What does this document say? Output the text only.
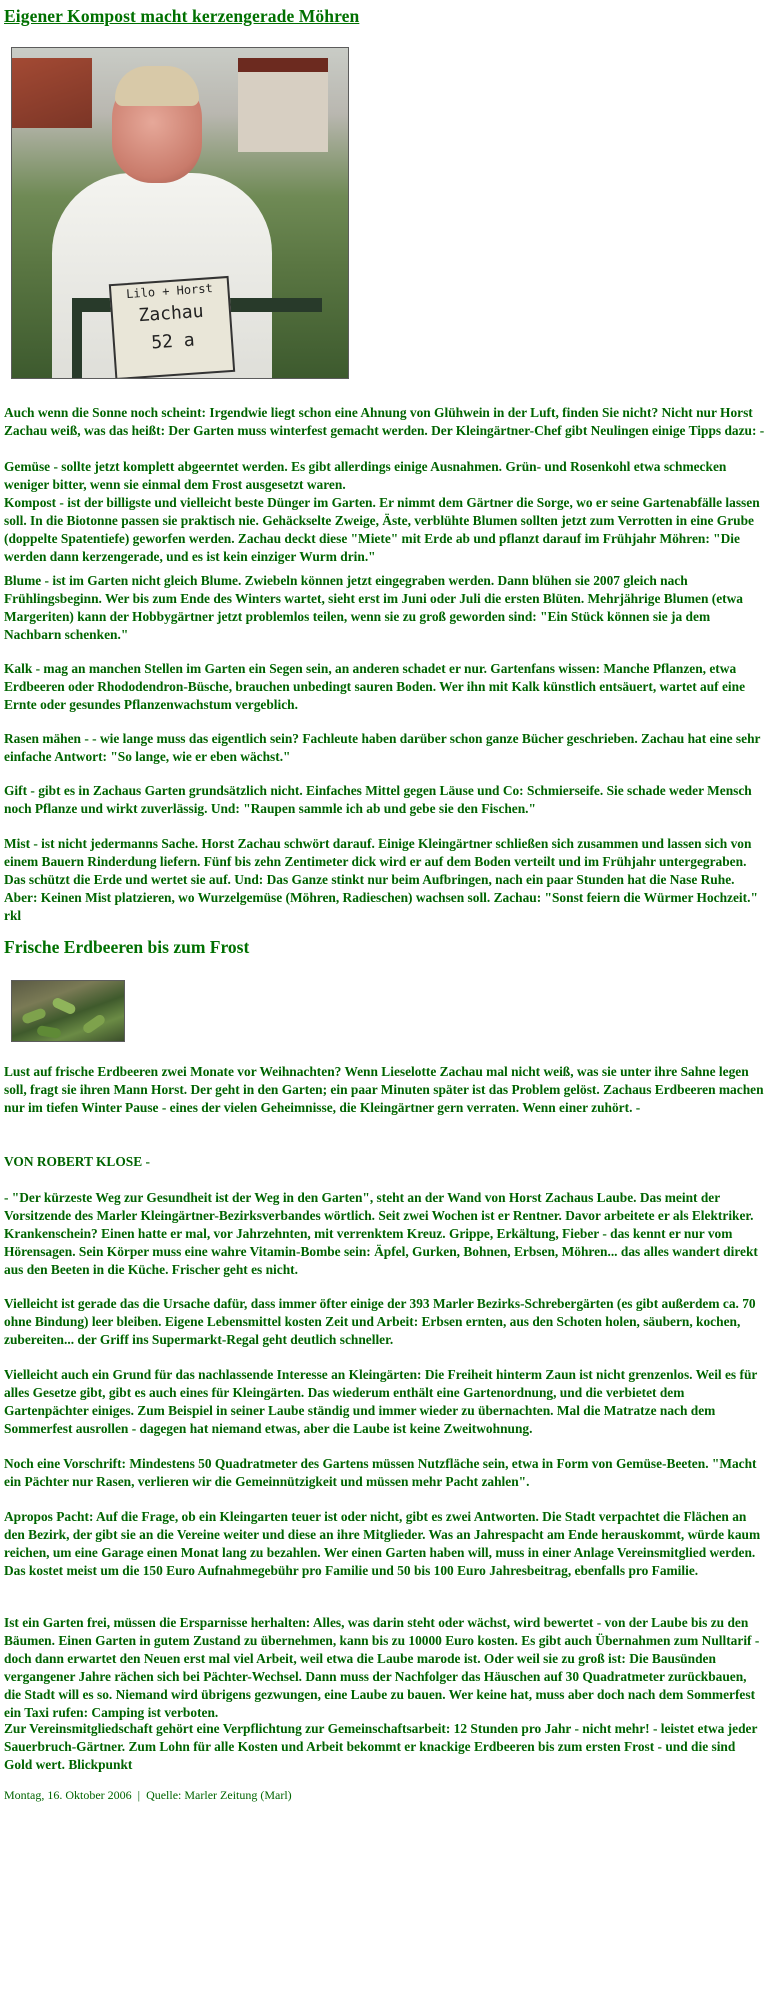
Eigener Kompost macht kerzengerade Möhren
Lilo + Horst
Zachau
52 a
Auch wenn die Sonne noch scheint: Irgendwie liegt schon eine Ahnung von Glühwein in der Luft, finden Sie nicht? Nicht nur Horst Zachau weiß, was das heißt: Der Garten muss winterfest gemacht werden. Der Kleingärtner-Chef gibt Neulingen einige Tipps dazu: -
Gemüse - sollte jetzt komplett abgeerntet werden. Es gibt allerdings einige Ausnahmen. Grün- und Rosenkohl etwa schmecken weniger bitter, wenn sie einmal dem Frost ausgesetzt waren.
Kompost - ist der billigste und vielleicht beste Dünger im Garten. Er nimmt dem Gärtner die Sorge, wo er seine Gartenabfälle lassen soll. In die Biotonne passen sie praktisch nie. Gehäckselte Zweige, Äste, verblühte Blumen sollten jetzt zum Verrotten in eine Grube (doppelte Spatentiefe) geworfen werden. Zachau deckt diese "Miete" mit Erde ab und pflanzt darauf im Frühjahr Möhren: "Die werden dann kerzengerade, und es ist kein einziger Wurm drin."
Blume - ist im Garten nicht gleich Blume. Zwiebeln können jetzt eingegraben werden. Dann blühen sie 2007 gleich nach Frühlingsbeginn. Wer bis zum Ende des Winters wartet, sieht erst im Juni oder Juli die ersten Blüten. Mehrjährige Blumen (etwa Margeriten) kann der Hobbygärtner jetzt problemlos teilen, wenn sie zu groß geworden sind: "Ein Stück können sie ja dem Nachbarn schenken."
Kalk - mag an manchen Stellen im Garten ein Segen sein, an anderen schadet er nur. Gartenfans wissen: Manche Pflanzen, etwa Erdbeeren oder Rhododendron-Büsche, brauchen unbedingt sauren Boden. Wer ihn mit Kalk künstlich entsäuert, wartet auf eine Ernte oder gesundes Pflanzenwachstum vergeblich.
Rasen mähen - - wie lange muss das eigentlich sein? Fachleute haben darüber schon ganze Bücher geschrieben. Zachau hat eine sehr einfache Antwort: "So lange, wie er eben wächst."
Gift - gibt es in Zachaus Garten grundsätzlich nicht. Einfaches Mittel gegen Läuse und Co: Schmierseife. Sie schade weder Mensch noch Pflanze und wirkt zuverlässig. Und: "Raupen sammle ich ab und gebe sie den Fischen."
Mist - ist nicht jedermanns Sache. Horst Zachau schwört darauf. Einige Kleingärtner schließen sich zusammen und lassen sich von einem Bauern Rinderdung liefern. Fünf bis zehn Zentimeter dick wird er auf dem Boden verteilt und im Frühjahr untergegraben. Das schützt die Erde und wertet sie auf. Und: Das Ganze stinkt nur beim Aufbringen, nach ein paar Stunden hat die Nase Ruhe. Aber: Keinen Mist platzieren, wo Wurzelgemüse (Möhren, Radieschen) wachsen soll. Zachau: "Sonst feiern die Würmer Hochzeit." rkl
Frische Erdbeeren bis zum Frost
Lust auf frische Erdbeeren zwei Monate vor Weihnachten? Wenn Lieselotte Zachau mal nicht weiß, was sie unter ihre Sahne legen soll, fragt sie ihren Mann Horst. Der geht in den Garten; ein paar Minuten später ist das Problem gelöst. Zachaus Erdbeeren machen nur im tiefen Winter Pause - eines der vielen Geheimnisse, die Kleingärtner gern verraten. Wenn einer zuhört. -
VON ROBERT KLOSE -
- "Der kürzeste Weg zur Gesundheit ist der Weg in den Garten", steht an der Wand von Horst Zachaus Laube. Das meint der Vorsitzende des Marler Kleingärtner-Bezirksverbandes wörtlich. Seit zwei Wochen ist er Rentner. Davor arbeitete er als Elektriker. Krankenschein? Einen hatte er mal, vor Jahrzehnten, mit verrenktem Kreuz. Grippe, Erkältung, Fieber - das kennt er nur vom Hörensagen. Sein Körper muss eine wahre Vitamin-Bombe sein: Äpfel, Gurken, Bohnen, Erbsen, Möhren... das alles wandert direkt aus den Beeten in die Küche. Frischer geht es nicht.
Vielleicht ist gerade das die Ursache dafür, dass immer öfter einige der 393 Marler Bezirks-Schrebergärten (es gibt außerdem ca. 70 ohne Bindung) leer bleiben. Eigene Lebensmittel kosten Zeit und Arbeit: Erbsen ernten, aus den Schoten holen, säubern, kochen, zubereiten... der Griff ins Supermarkt-Regal geht deutlich schneller.
Vielleicht auch ein Grund für das nachlassende Interesse an Kleingärten: Die Freiheit hinterm Zaun ist nicht grenzenlos. Weil es für alles Gesetze gibt, gibt es auch eines für Kleingärten. Das wiederum enthält eine Gartenordnung, und die verbietet dem Gartenpächter einiges. Zum Beispiel in seiner Laube ständig und immer wieder zu übernachten. Mal die Matratze nach dem Sommerfest ausrollen - dagegen hat niemand etwas, aber die Laube ist keine Zweitwohnung.
Noch eine Vorschrift: Mindestens 50 Quadratmeter des Gartens müssen Nutzfläche sein, etwa in Form von Gemüse-Beeten. "Macht ein Pächter nur Rasen, verlieren wir die Gemeinnützigkeit und müssen mehr Pacht zahlen".
Apropos Pacht: Auf die Frage, ob ein Kleingarten teuer ist oder nicht, gibt es zwei Antworten. Die Stadt verpachtet die Flächen an den Bezirk, der gibt sie an die Vereine weiter und diese an ihre Mitglieder. Was an Jahrespacht am Ende herauskommt, würde kaum reichen, um eine Garage einen Monat lang zu bezahlen. Wer einen Garten haben will, muss in einer Anlage Vereinsmitglied werden. Das kostet meist um die 150 Euro Aufnahmegebühr pro Familie und 50 bis 100 Euro Jahresbeitrag, ebenfalls pro Familie.
Ist ein Garten frei, müssen die Ersparnisse herhalten: Alles, was darin steht oder wächst, wird bewertet - von der Laube bis zu den Bäumen. Einen Garten in gutem Zustand zu übernehmen, kann bis zu 10000 Euro kosten. Es gibt auch Übernahmen zum Nulltarif - doch dann erwartet den Neuen erst mal viel Arbeit, weil etwa die Laube marode ist. Oder weil sie zu groß ist: Die Bausünden vergangener Jahre rächen sich bei Pächter-Wechsel. Dann muss der Nachfolger das Häuschen auf 30 Quadratmeter zurückbauen, die Stadt will es so. Niemand wird übrigens gezwungen, eine Laube zu bauen. Wer keine hat, muss aber doch nach dem Sommerfest ein Taxi rufen: Camping ist verboten.
Zur Vereinsmitgliedschaft gehört eine Verpflichtung zur Gemeinschaftsarbeit: 12 Stunden pro Jahr - nicht mehr! - leistet etwa jeder Sauerbruch-Gärtner. Zum Lohn für alle Kosten und Arbeit bekommt er knackige Erdbeeren bis zum ersten Frost - und die sind Gold wert. Blickpunkt
Montag, 16. Oktober 2006 | Quelle: Marler Zeitung (Marl)
